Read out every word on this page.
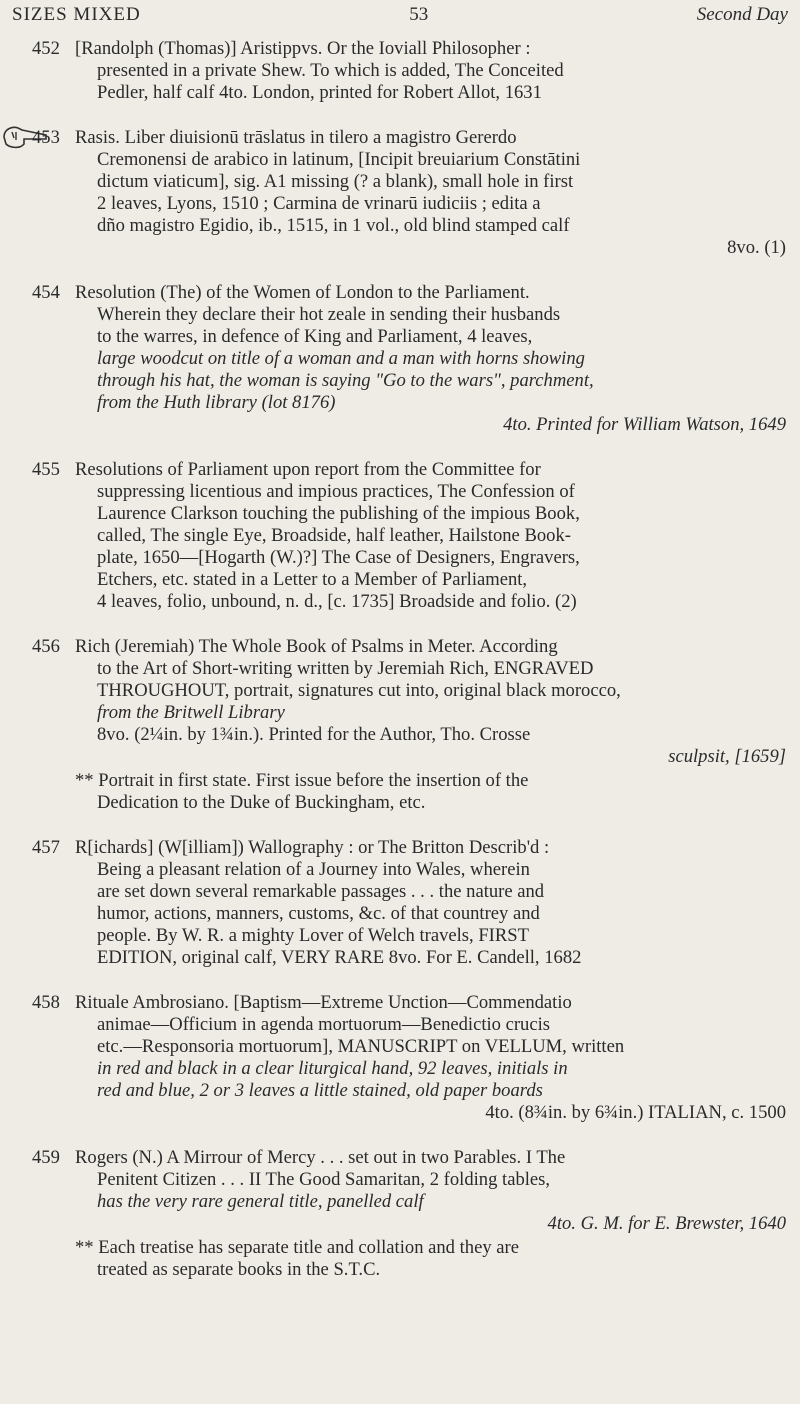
SIZES MIXED	53	Second Day
452 [Randolph (Thomas)] Aristippvs. Or the Ioviall Philosopher :
presented in a private Shew. To which is added, The Conceited
Pedler, half calf 4to. London, printed for Robert Allot, 1631
453 Rasis. Liber diuisionū trāslatus in tilero a magistro Gererdo
Cremonensi de arabico in latinum, [Incipit breuiarium Constātini
dictum viaticum], sig. A1 missing (? a blank), small hole in first
2 leaves, Lyons, 1510 ; Carmina de vrinarū iudiciis ; edita a
dño magistro Egidio, ib., 1515, in 1 vol., old blind stamped calf
8vo. (1)
454 Resolution (The) of the Women of London to the Parliament.
Wherein they declare their hot zeale in sending their husbands
to the warres, in defence of King and Parliament, 4 leaves,
large woodcut on title of a woman and a man with horns showing
through his hat, the woman is saying "Go to the wars", parchment,
from the Huth library (lot 8176)
4to. Printed for William Watson, 1649
455 Resolutions of Parliament upon report from the Committee for
suppressing licentious and impious practices, The Confession of
Laurence Clarkson touching the publishing of the impious Book,
called, The single Eye, Broadside, half leather, Hailstone Book-
plate, 1650—[Hogarth (W.)?] The Case of Designers, Engravers,
Etchers, etc. stated in a Letter to a Member of Parliament,
4 leaves, folio, unbound, n. d., [c. 1735] Broadside and folio. (2)
456 Rich (Jeremiah) The Whole Book of Psalms in Meter. According
to the Art of Short-writing written by Jeremiah Rich, ENGRAVED
THROUGHOUT, portrait, signatures cut into, original black morocco,
from the Britwell Library
8vo. (2¼in. by 1¾in.). Printed for the Author, Tho. Crosse
sculpsit, [1659]
** Portrait in first state. First issue before the insertion of the
Dedication to the Duke of Buckingham, etc.
457 R[ichards] (W[illiam]) Wallography : or The Britton Describ'd :
Being a pleasant relation of a Journey into Wales, wherein
are set down several remarkable passages . . . the nature and
humor, actions, manners, customs, &c. of that countrey and
people. By W. R. a mighty Lover of Welch travels, FIRST
EDITION, original calf, VERY RARE 8vo. For E. Candell, 1682
458 Rituale Ambrosiano. [Baptism—Extreme Unction—Commendatio
animae—Officium in agenda mortuorum—Benedictio crucis
etc.—Responsoria mortuorum], MANUSCRIPT on VELLUM, written
in red and black in a clear liturgical hand, 92 leaves, initials in
red and blue, 2 or 3 leaves a little stained, old paper boards
4to. (8¾in. by 6¾in.) ITALIAN, c. 1500
459 Rogers (N.) A Mirrour of Mercy . . . set out in two Parables. I The
Penitent Citizen . . . II The Good Samaritan, 2 folding tables,
has the very rare general title, panelled calf
4to. G. M. for E. Brewster, 1640
** Each treatise has separate title and collation and they are
treated as separate books in the S.T.C.
